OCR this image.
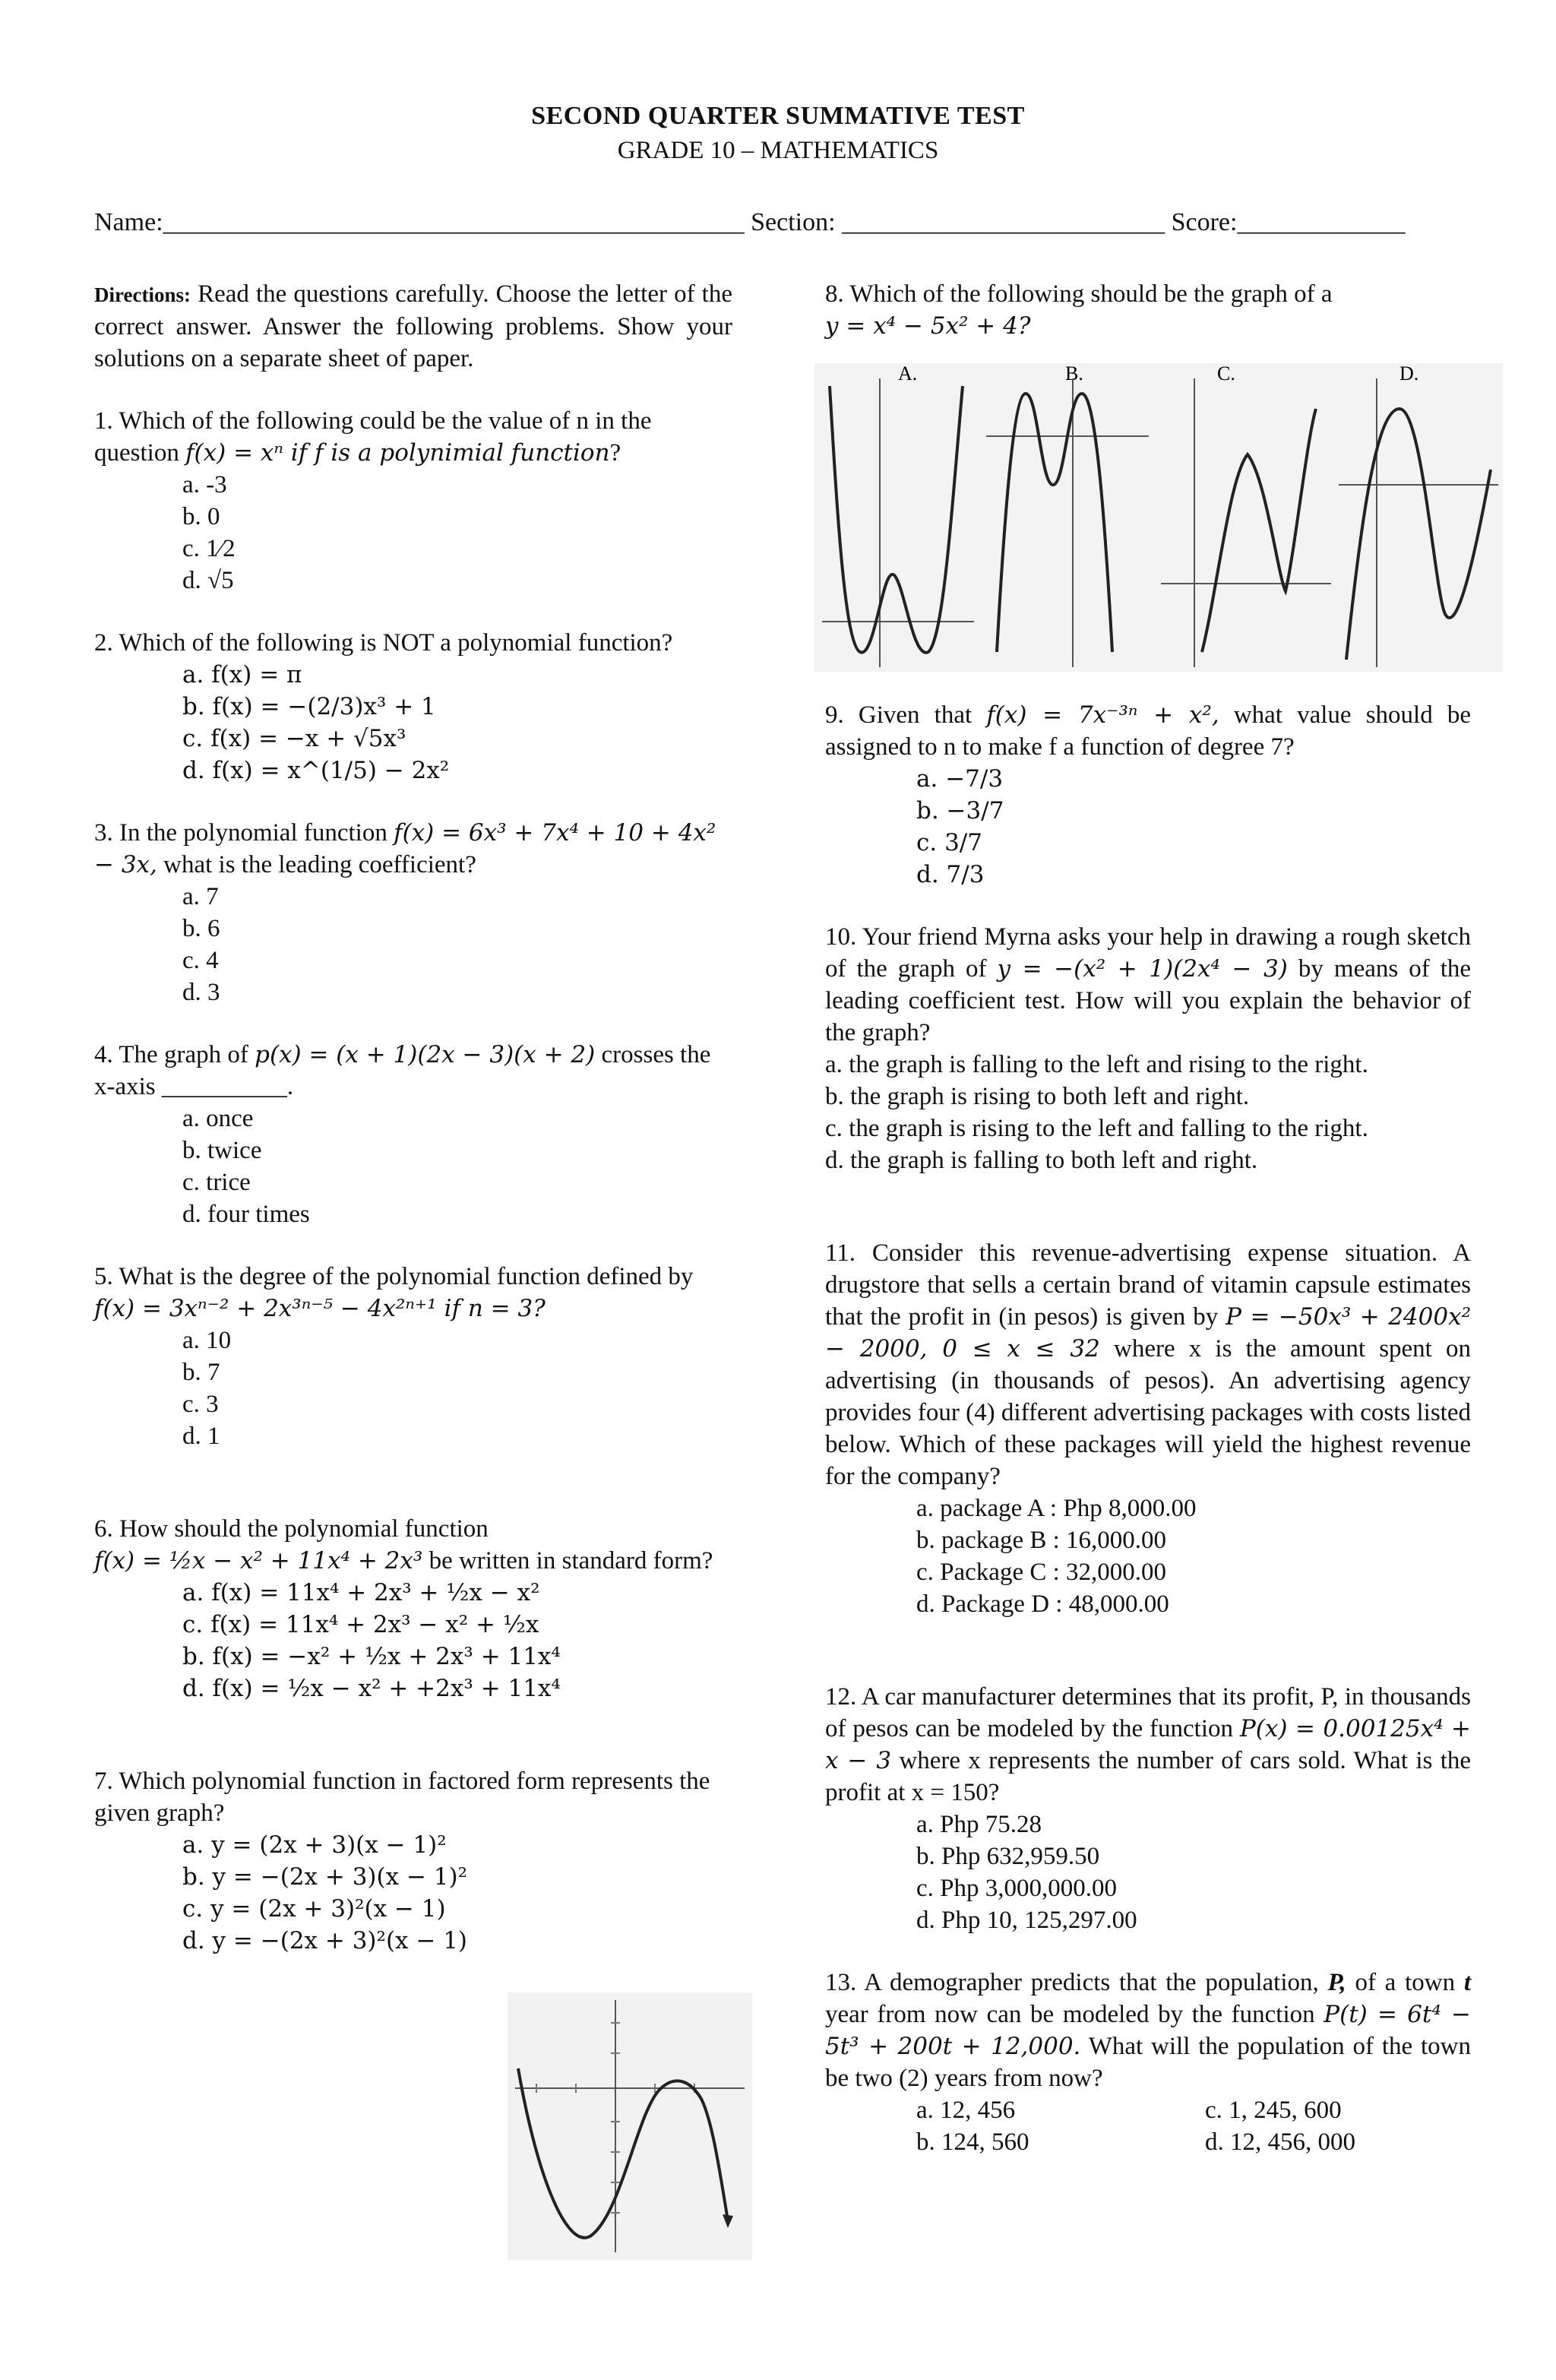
SECOND QUARTER SUMMATIVE TEST
GRADE 10 – MATHEMATICS
Name:_____________________________________________ Section: _________________________ Score:_____________

Directions: Read the questions carefully. Choose the letter of the correct answer. Answer the following problems. Show your solutions on a separate sheet of paper.

1. Which of the following could be the value of n in the question f(x) = xⁿ if f is a polynimial function?

a. -3

b. 0

c. 1⁄2

d. √5

2. Which of the following is NOT a polynomial function?

a. f(x) = π

b. f(x) = −(2/3)x³ + 1

c. f(x) = −x + √5x³

d. f(x) = x^(1/5) − 2x²

3. In the polynomial function f(x) = 6x³ + 7x⁴ + 10 + 4x² − 3x, what is the leading coefficient?

a. 7

b. 6

c. 4

d. 3

4. The graph of p(x) = (x + 1)(2x − 3)(x + 2) crosses the x-axis __________.

a. once

b. twice

c. trice

d. four times

5. What is the degree of the polynomial function defined by f(x) = 3xⁿ⁻² + 2x³ⁿ⁻⁵ − 4x²ⁿ⁺¹ if n = 3?

a. 10

b. 7

c. 3

d. 1

6. How should the polynomial function
f(x) = ½x − x² + 11x⁴ + 2x³ be written in standard form?

a. f(x) = 11x⁴ + 2x³ + ½x − x²

c. f(x) = 11x⁴ + 2x³ − x² + ½x

b. f(x) = −x² + ½x + 2x³ + 11x⁴

d. f(x) = ½x − x² + +2x³ + 11x⁴

7. Which polynomial function in factored form represents the given graph?

a. y = (2x + 3)(x − 1)²

b. y = −(2x + 3)(x − 1)²

c. y = (2x + 3)²(x − 1)

d. y = −(2x + 3)²(x − 1)

8. Which of the following should be the graph of a
y = x⁴ − 5x² + 4?

A.	B.	C.	D.

9. Given that f(x) = 7x⁻³ⁿ + x², what value should be assigned to n to make f a function of degree 7?

a. −7/3

b. −3/7

c. 3/7

d. 7/3

10. Your friend Myrna asks your help in drawing a rough sketch of the graph of y = −(x² + 1)(2x⁴ − 3) by means of the leading coefficient test. How will you explain the behavior of the graph?

a. the graph is falling to the left and rising to the right.

b. the graph is rising to both left and right.

c. the graph is rising to the left and falling to the right.

d. the graph is falling to both left and right.

11. Consider this revenue-advertising expense situation. A drugstore that sells a certain brand of vitamin capsule estimates that the profit in (in pesos) is given by P = −50x³ + 2400x² − 2000, 0 ≤ x ≤ 32 where x is the amount spent on advertising (in thousands of pesos). An advertising agency provides four (4) different advertising packages with costs listed below. Which of these packages will yield the highest revenue for the company?

a. package A : Php 8,000.00

b. package B : 16,000.00

c. Package C : 32,000.00

d. Package D : 48,000.00

12. A car manufacturer determines that its profit, P, in thousands of pesos can be modeled by the function P(x) = 0.00125x⁴ + x − 3 where x represents the number of cars sold. What is the profit at x = 150?

a. Php 75.28

b. Php 632,959.50

c. Php 3,000,000.00

d. Php 10, 125,297.00

13. A demographer predicts that the population, P, of a town t year from now can be modeled by the function P(t) = 6t⁴ − 5t³ + 200t + 12,000. What will the population of the town be two (2) years from now?

a. 12, 456	c. 1, 245, 600
b. 124, 560	d. 12, 456, 000
